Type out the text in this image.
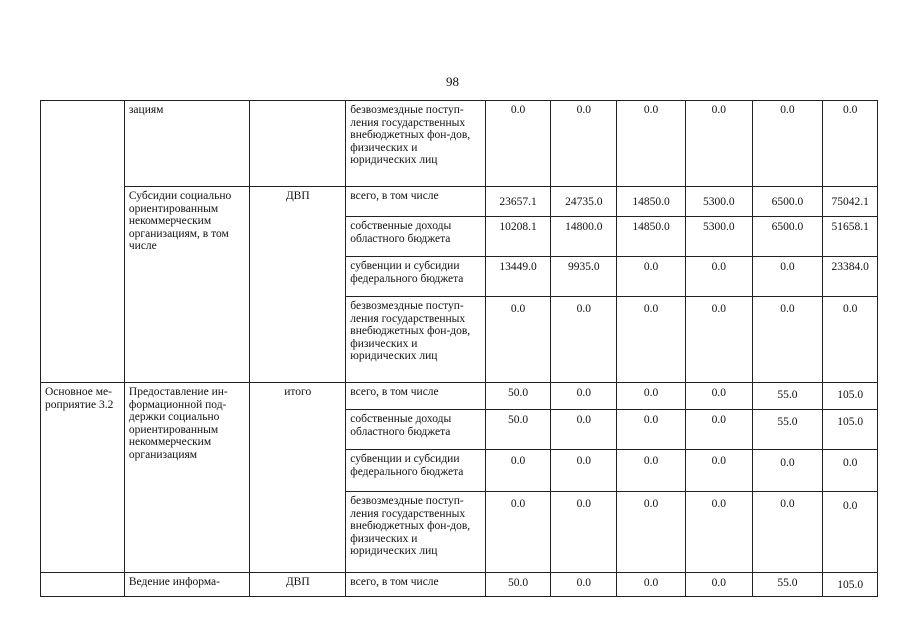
98
	зациям		безвозмездные поступ-ления государственных внебюджетных фон-дов, физических и юридических лиц	0.0	0.0	0.0	0.0	0.0	0.0
	Субсидии социально ориентированным некоммерческим организациям, в том числе	ДВП	всего, в том числе	23657.1	24735.0	14850.0	5300.0	6500.0	75042.1
			собственные доходы областного бюджета	10208.1	14800.0	14850.0	5300.0	6500.0	51658.1
			субвенции и субсидии федерального бюджета	13449.0	9935.0	0.0	0.0	0.0	23384.0
			безвозмездные поступ-ления государственных внебюджетных фон-дов, физических и юридических лиц	0.0	0.0	0.0	0.0	0.0	0.0
Основное ме-роприятие 3.2	Предоставление ин-формационной под-держки социально ориентированным некоммерческим организациям	итого	всего, в том числе	50.0	0.0	0.0	0.0	55.0	105.0
			собственные доходы областного бюджета	50.0	0.0	0.0	0.0	55.0	105.0
			субвенции и субсидии федерального бюджета	0.0	0.0	0.0	0.0	0.0	0.0
			безвозмездные поступ-ления государственных внебюджетных фон-дов, физических и юридических лиц	0.0	0.0	0.0	0.0	0.0	0.0
	Ведение информа-	ДВП	всего, в том числе	50.0	0.0	0.0	0.0	55.0	105.0
